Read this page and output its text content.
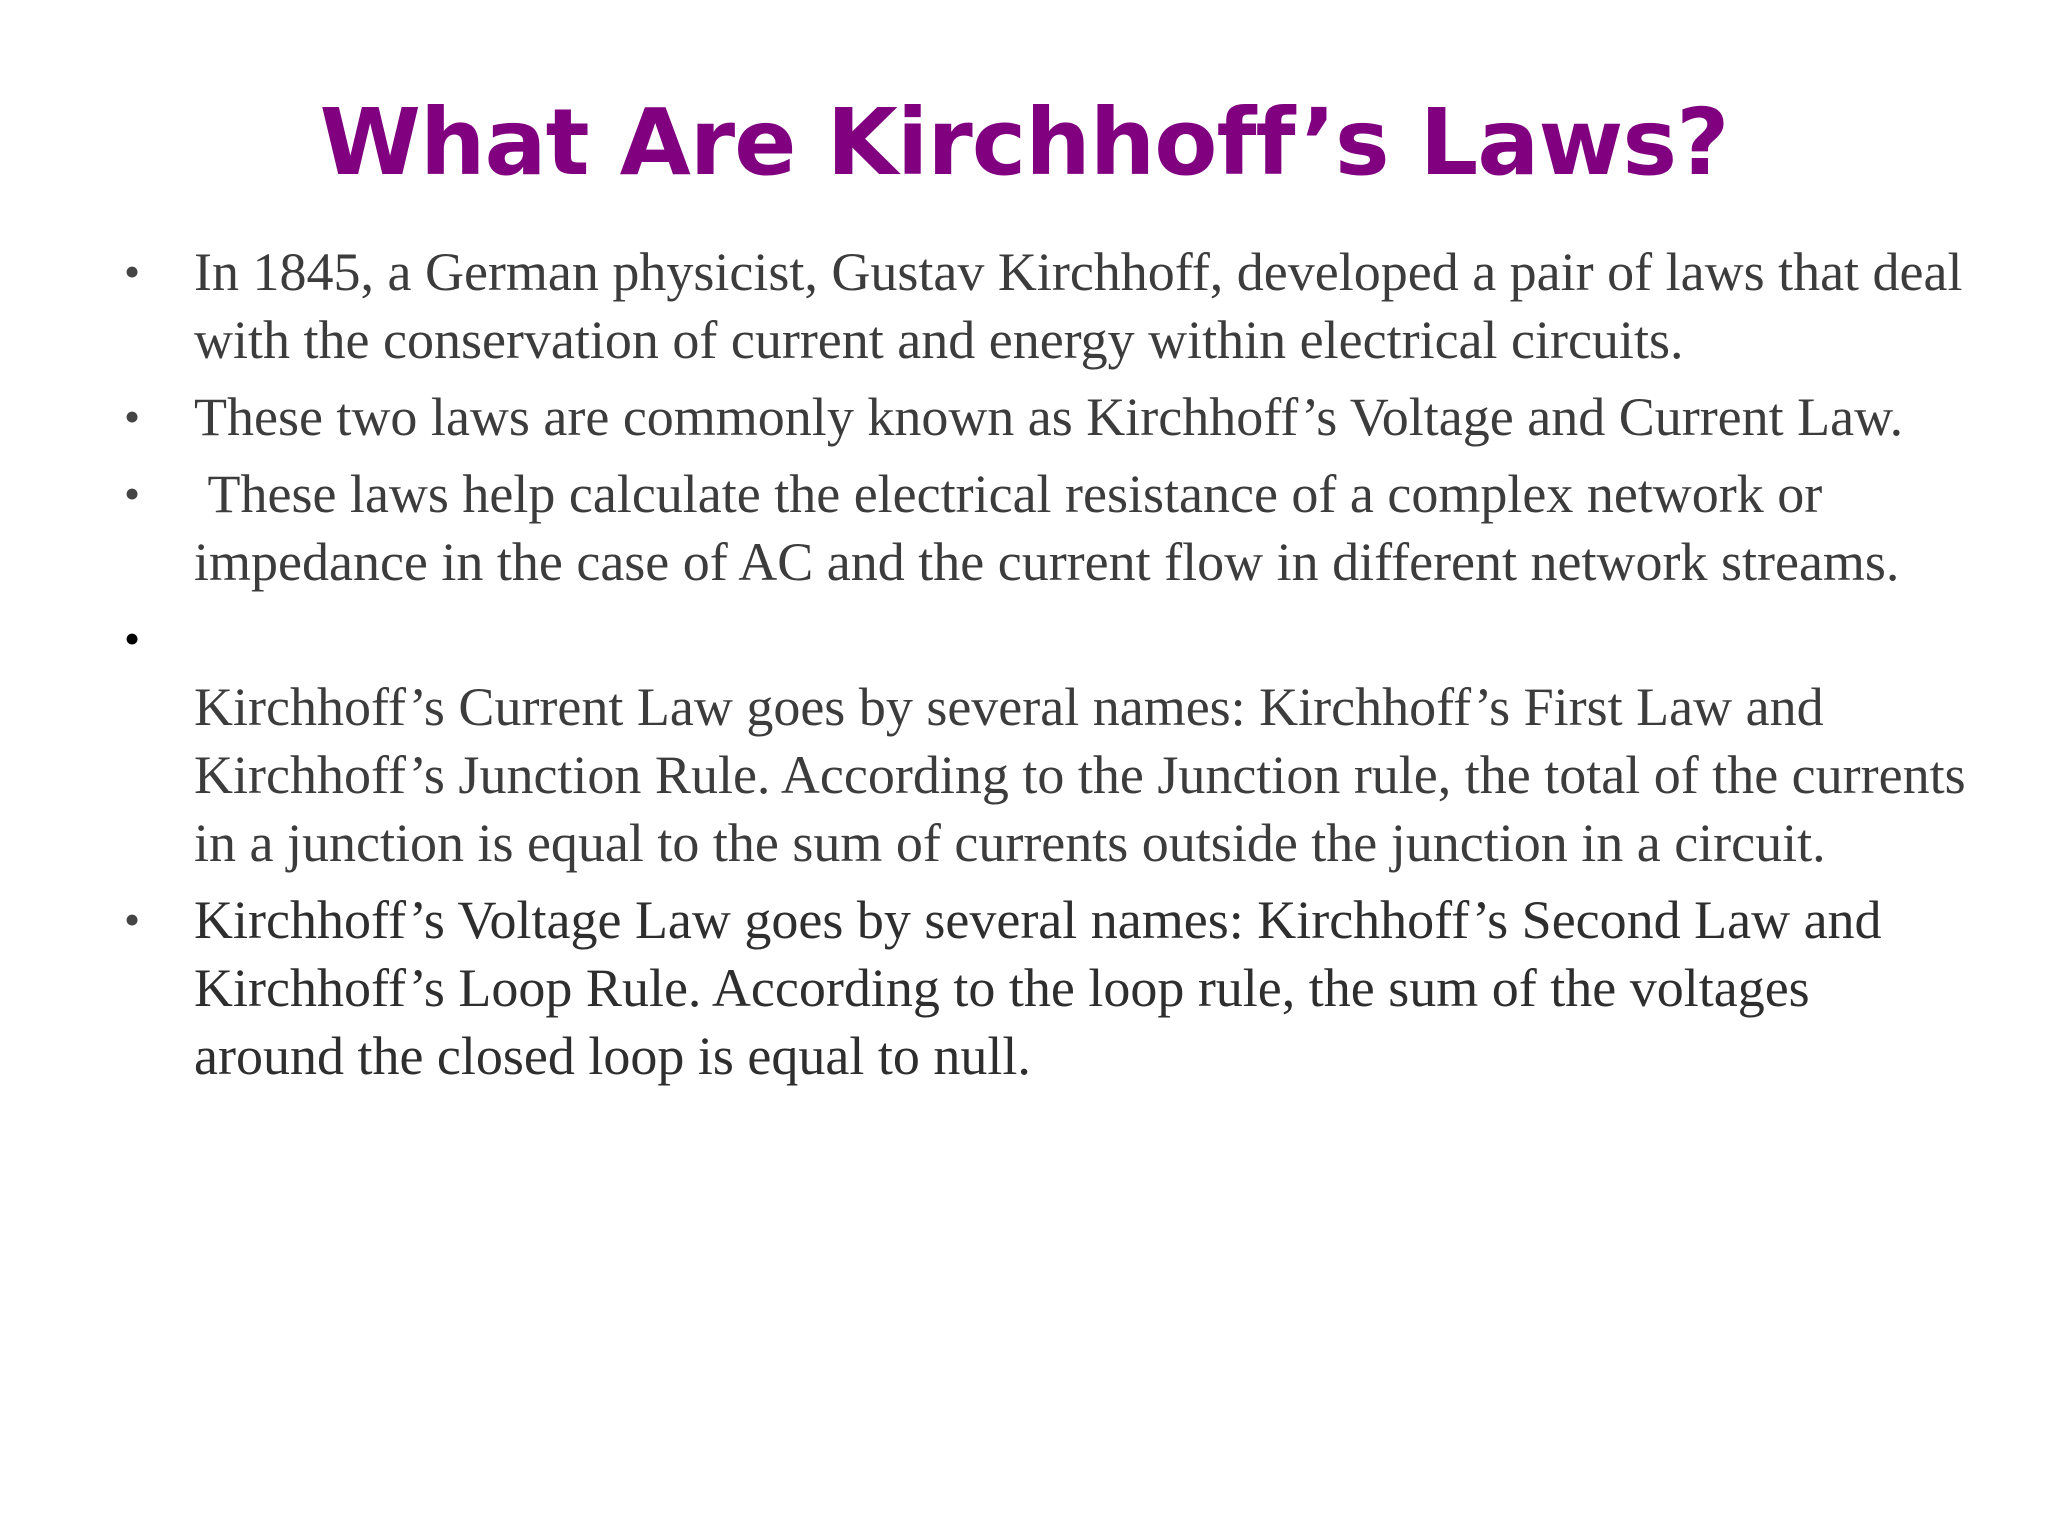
What Are Kirchhoff’s Laws?
• In 1845, a German physicist, Gustav Kirchhoff, developed a pair of laws that deal with the conservation of current and energy within electrical circuits.
• These two laws are commonly known as Kirchhoff’s Voltage and Current Law.
• These laws help calculate the electrical resistance of a complex network or impedance in the case of AC and the current flow in different network streams.
•
Kirchhoff’s Current Law goes by several names: Kirchhoff’s First Law and Kirchhoff’s Junction Rule. According to the Junction rule, the total of the currents in a junction is equal to the sum of currents outside the junction in a circuit.
• Kirchhoff’s Voltage Law goes by several names: Kirchhoff’s Second Law and Kirchhoff’s Loop Rule. According to the loop rule, the sum of the voltages around the closed loop is equal to null.
